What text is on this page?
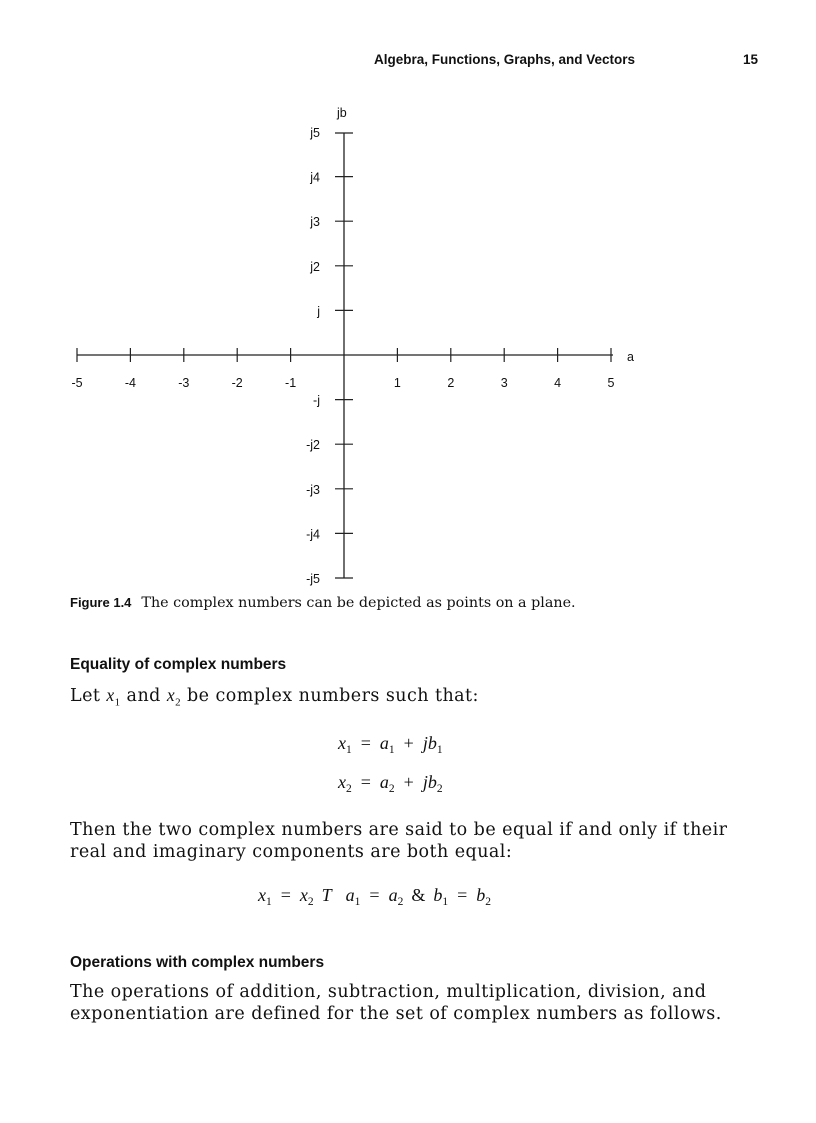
Algebra, Functions, Graphs, and Vectors	15
jb
a
-5	-4	-3	-2	-1	1	2	3	4	5
j5
j4
j3
j2
j
-j
-j2
-j3
-j4
-j5
Figure 1.4 The complex numbers can be depicted as points on a plane.
Equality of complex numbers
Let $x_1$ and $x_2$ be complex numbers such that:
$x_1 = a_1 + jb_1$
$x_2 = a_2 + jb_2$
Then the two complex numbers are said to be equal if and only if their real and imaginary components are both equal:
$x_1 = x_2$ T $a_1 = a_2$ & $b_1 = b_2$
Operations with complex numbers
The operations of addition, subtraction, multiplication, division, and exponentiation are defined for the set of complex numbers as follows.
